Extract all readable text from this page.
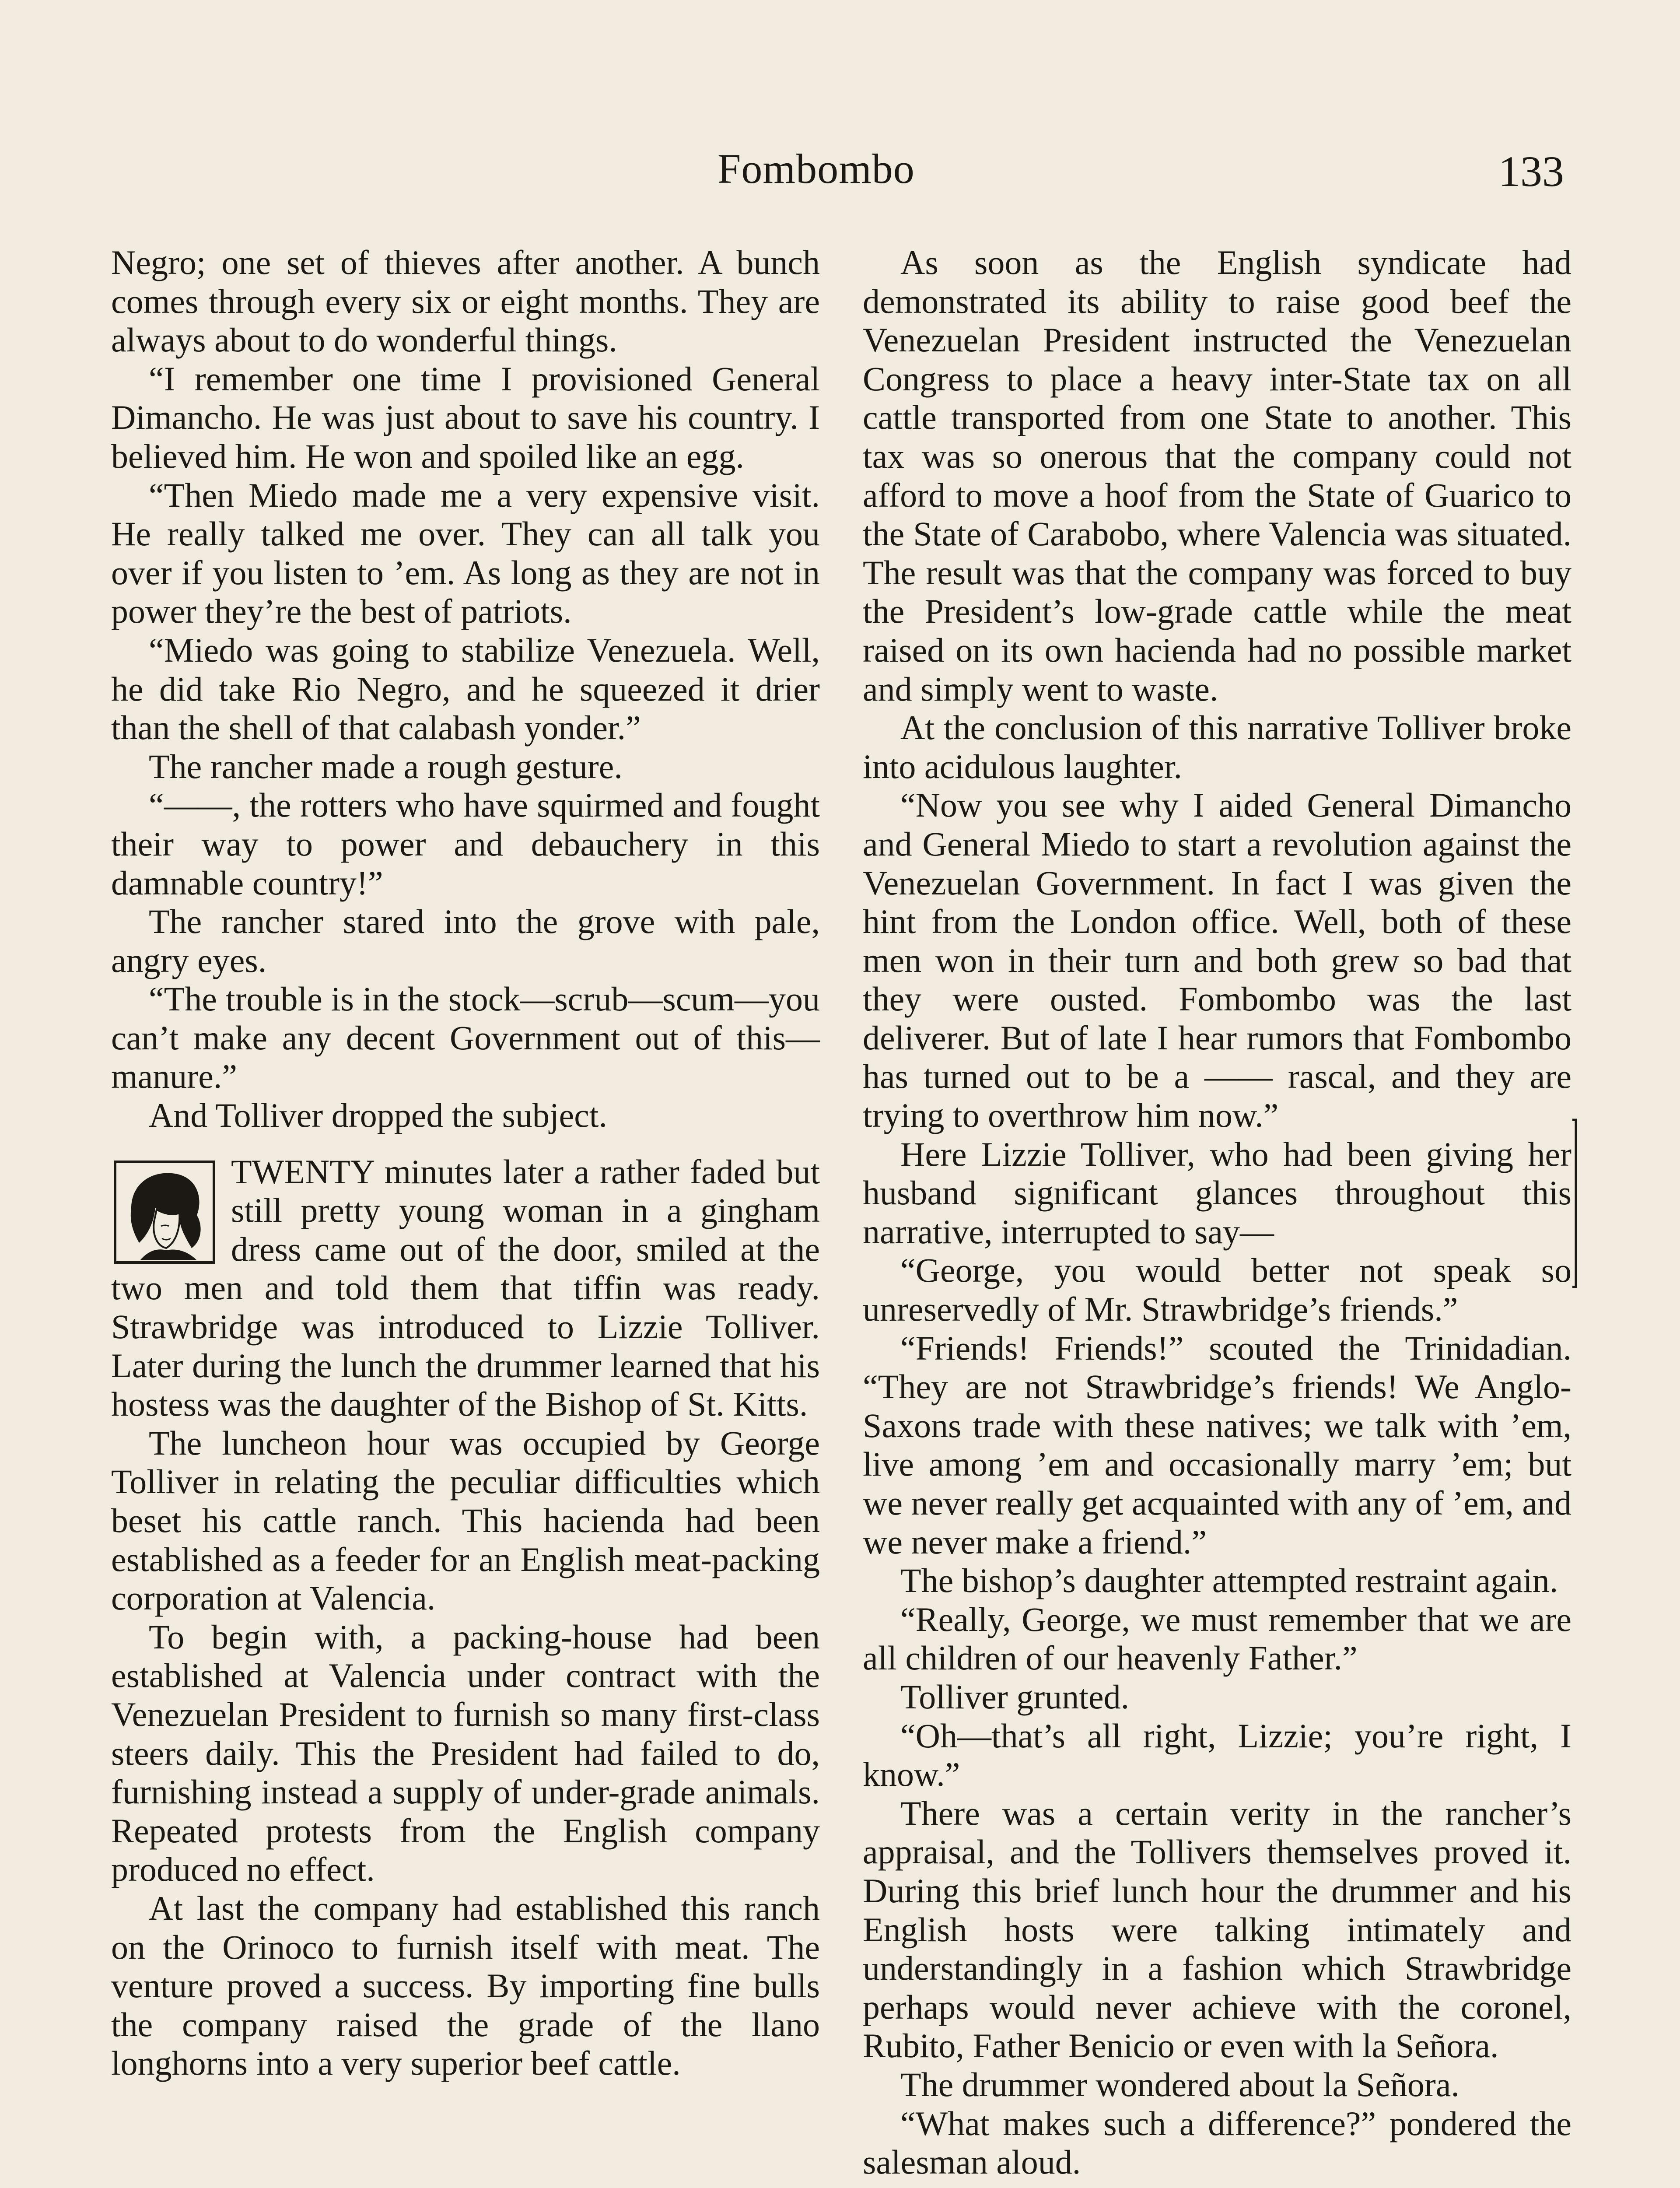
Fombombo	133

Negro; one set of thieves after another. A bunch comes through every six or eight months. They are always about to do wonderful things.

“I remember one time I provisioned General Dimancho. He was just about to save his country. I believed him. He won and spoiled like an egg.

“Then Miedo made me a very expensive visit. He really talked me over. They can all talk you over if you listen to ’em. As long as they are not in power they’re the best of patriots.

“Miedo was going to stabilize Venezuela. Well, he did take Rio Negro, and he squeezed it drier than the shell of that calabash yonder.”

The rancher made a rough gesture.

“——, the rotters who have squirmed and fought their way to power and debauchery in this damnable country!”

The rancher stared into the grove with pale, angry eyes.

“The trouble is in the stock—scrub—scum—you can’t make any decent Government out of this—manure.”

And Tolliver dropped the subject.

TWENTY minutes later a rather faded but still pretty young woman in a gingham dress came out of the door, smiled at the two men and told them that tiffin was ready. Strawbridge was introduced to Lizzie Tolliver. Later during the lunch the drummer learned that his hostess was the daughter of the Bishop of St. Kitts.

The luncheon hour was occupied by George Tolliver in relating the peculiar difficulties which beset his cattle ranch. This hacienda had been established as a feeder for an English meat-packing corporation at Valencia.

To begin with, a packing-house had been established at Valencia under contract with the Venezuelan President to furnish so many first-class steers daily. This the President had failed to do, furnishing instead a supply of under-grade animals. Repeated protests from the English company produced no effect.

At last the company had established this ranch on the Orinoco to furnish itself with meat. The venture proved a success. By importing fine bulls the company raised the grade of the llano longhorns into a very superior beef cattle.

As soon as the English syndicate had demonstrated its ability to raise good beef the Venezuelan President instructed the Venezuelan Congress to place a heavy inter-State tax on all cattle transported from one State to another. This tax was so onerous that the company could not afford to move a hoof from the State of Guarico to the State of Carabobo, where Valencia was situated. The result was that the company was forced to buy the President’s low-grade cattle while the meat raised on its own hacienda had no possible market and simply went to waste.

At the conclusion of this narrative Tolliver broke into acidulous laughter.

“Now you see why I aided General Dimancho and General Miedo to start a revolution against the Venezuelan Government. In fact I was given the hint from the London office. Well, both of these men won in their turn and both grew so bad that they were ousted. Fombombo was the last deliverer. But of late I hear rumors that Fombombo has turned out to be a —— rascal, and they are trying to overthrow him now.”

Here Lizzie Tolliver, who had been giving her husband significant glances throughout this narrative, interrupted to say—

“George, you would better not speak so unreservedly of Mr. Strawbridge’s friends.”

“Friends! Friends!” scouted the Trinidadian. “They are not Strawbridge’s friends! We Anglo-Saxons trade with these natives; we talk with ’em, live among ’em and occasionally marry ’em; but we never really get acquainted with any of ’em, and we never make a friend.”

The bishop’s daughter attempted restraint again.

“Really, George, we must remember that we are all children of our heavenly Father.”

Tolliver grunted.

“Oh—that’s all right, Lizzie; you’re right, I know.”

There was a certain verity in the rancher’s appraisal, and the Tollivers themselves proved it. During this brief lunch hour the drummer and his English hosts were talking intimately and understandingly in a fashion which Strawbridge perhaps would never achieve with the coronel, Rubito, Father Benicio or even with la Señora.

The drummer wondered about la Señora.

“What makes such a difference?” pondered the salesman aloud.
